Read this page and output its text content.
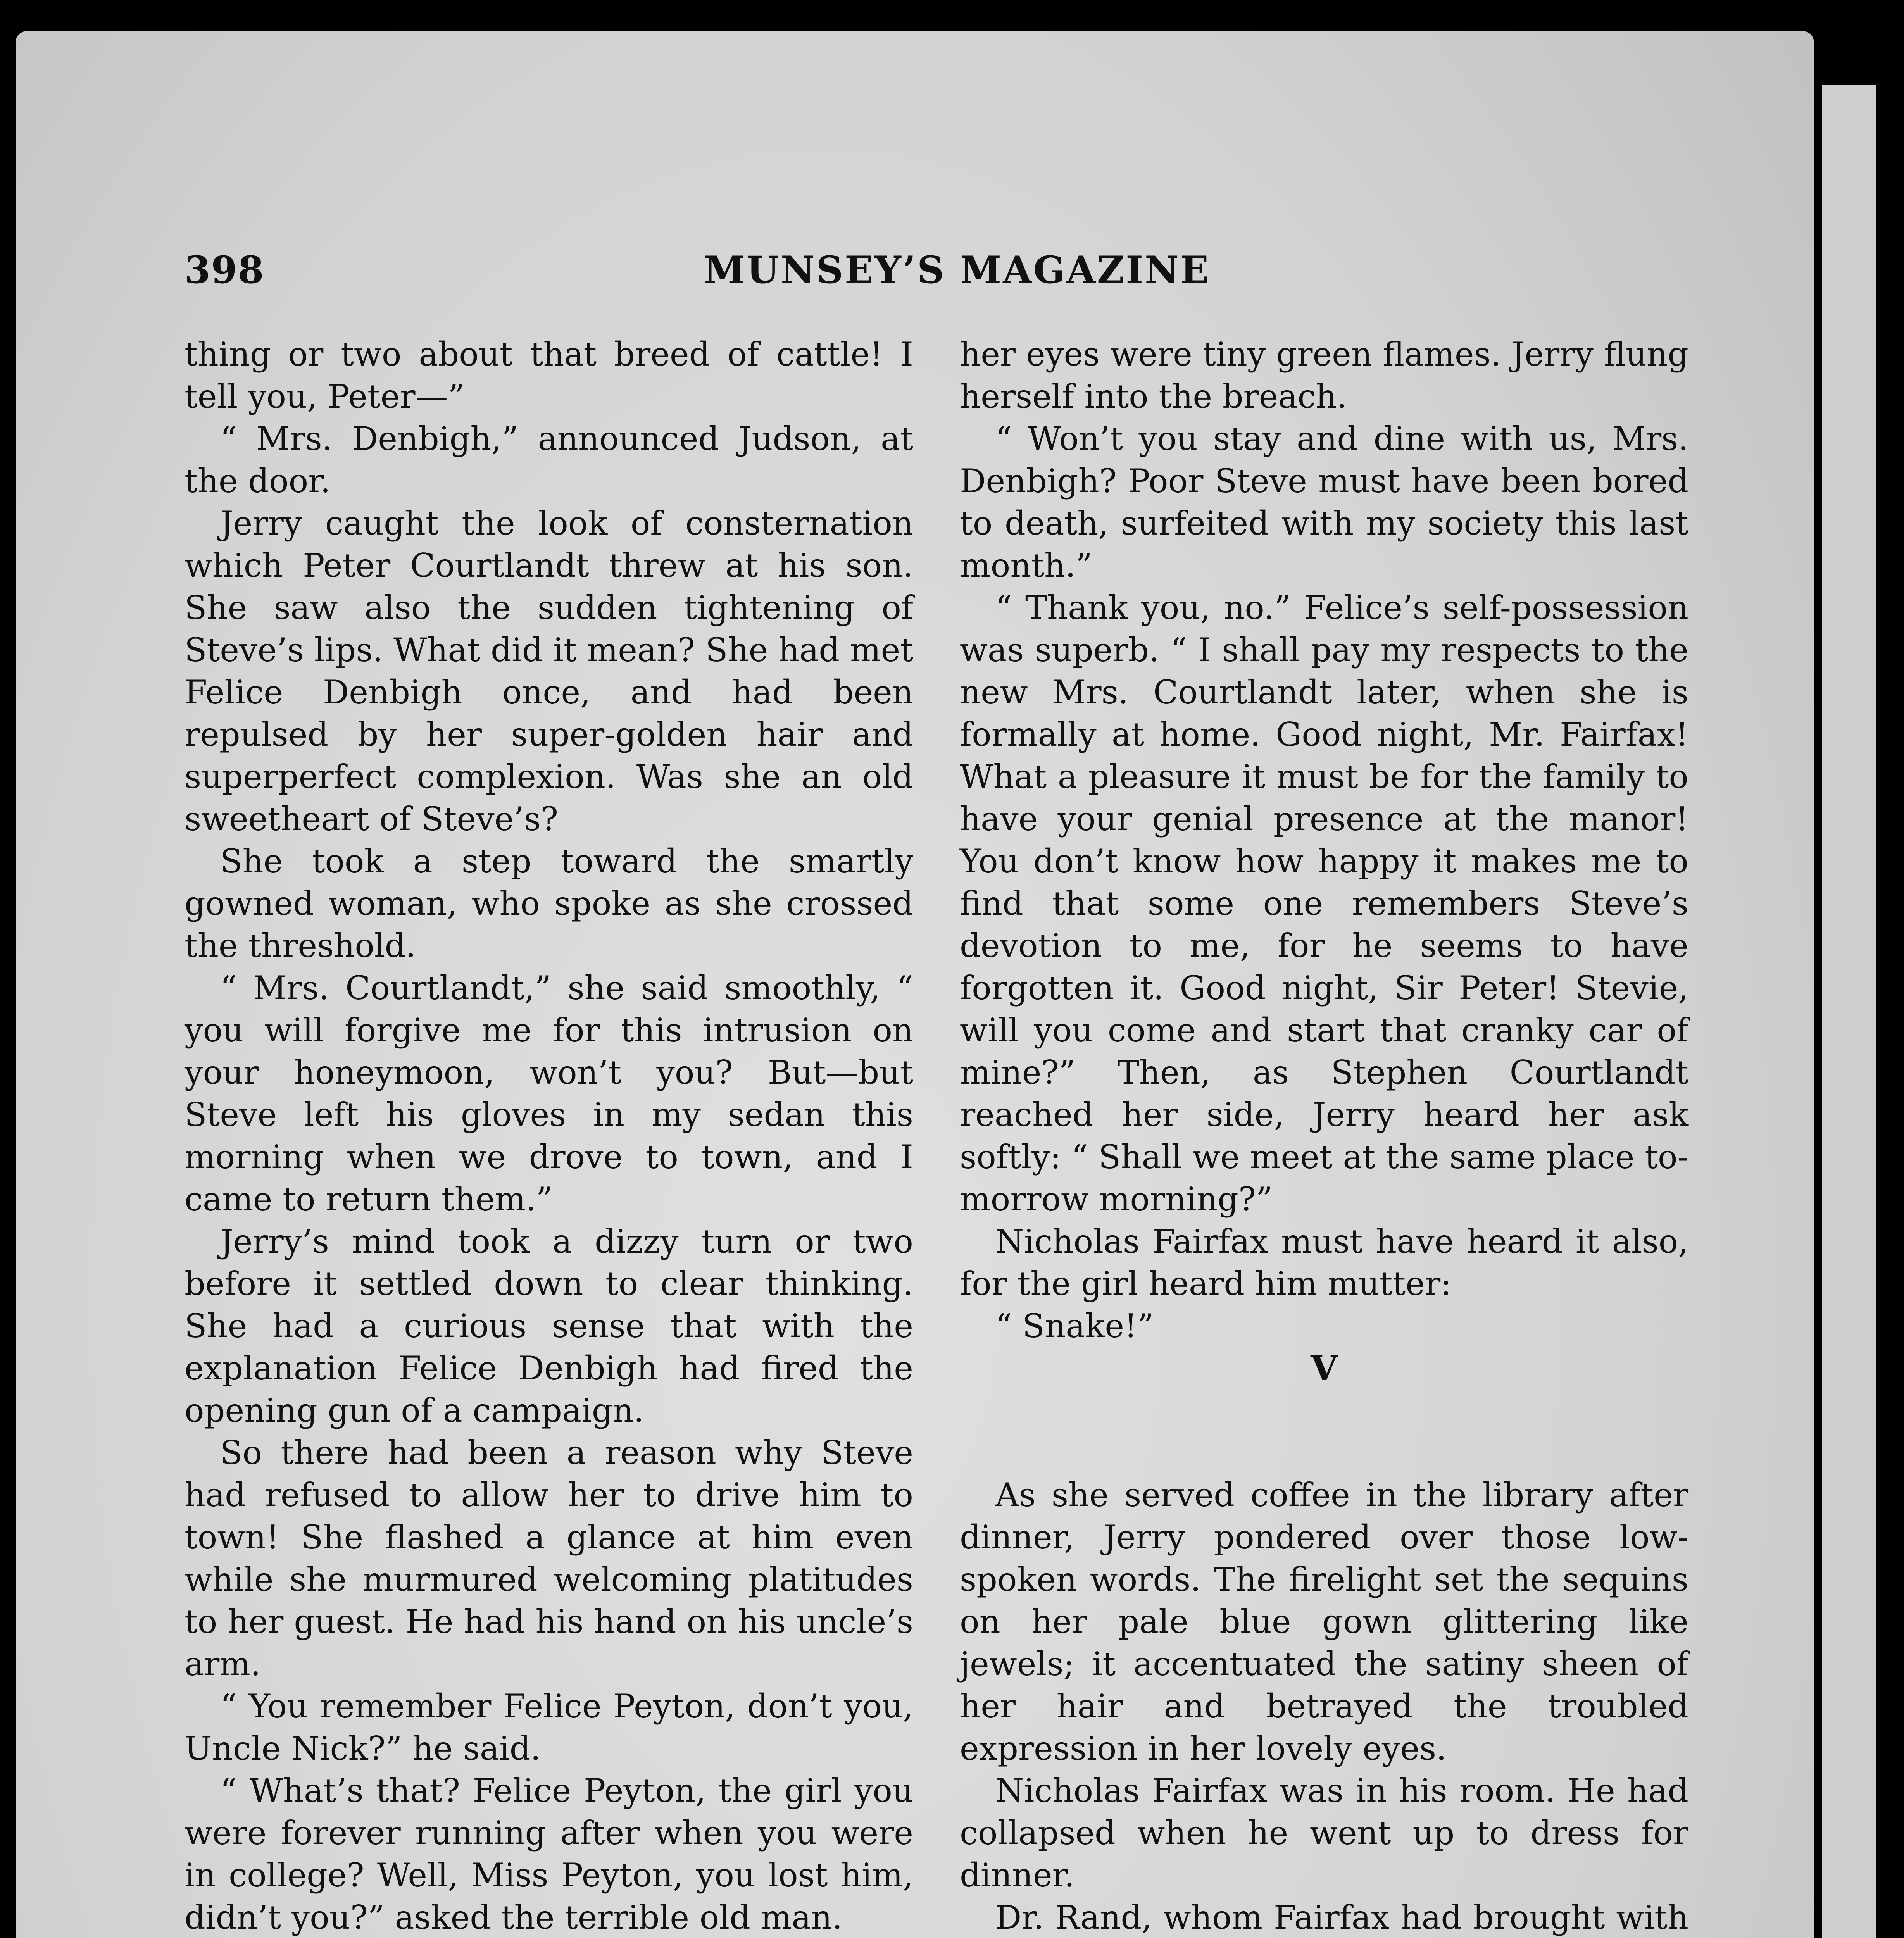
398	MUNSEY’S MAGAZINE

thing or two about that breed of cattle! I tell you, Peter—”

“ Mrs. Denbigh,” announced Judson, at the door.

Jerry caught the look of consternation which Peter Courtlandt threw at his son. She saw also the sudden tightening of Steve’s lips. What did it mean? She had met Felice Denbigh once, and had been repulsed by her super-golden hair and superperfect complexion. Was she an old sweetheart of Steve’s?

She took a step toward the smartly gowned woman, who spoke as she crossed the threshold.

“ Mrs. Courtlandt,” she said smoothly, “ you will forgive me for this intrusion on your honeymoon, won’t you? But—but Steve left his gloves in my sedan this morning when we drove to town, and I came to return them.”

Jerry’s mind took a dizzy turn or two before it settled down to clear thinking. She had a curious sense that with the explanation Felice Denbigh had fired the opening gun of a campaign.

So there had been a reason why Steve had refused to allow her to drive him to town! She flashed a glance at him even while she murmured welcoming platitudes to her guest. He had his hand on his uncle’s arm.

“ You remember Felice Peyton, don’t you, Uncle Nick?” he said.

“ What’s that? Felice Peyton, the girl you were forever running after when you were in college? Well, Miss Peyton, you lost him, didn’t you?” asked the terrible old man.

her eyes were tiny green flames. Jerry flung herself into the breach.

“ Won’t you stay and dine with us, Mrs. Denbigh? Poor Steve must have been bored to death, surfeited with my society this last month.”

“ Thank you, no.” Felice’s self-possession was superb. “ I shall pay my respects to the new Mrs. Courtlandt later, when she is formally at home. Good night, Mr. Fairfax! What a pleasure it must be for the family to have your genial presence at the manor! You don’t know how happy it makes me to find that some one remembers Steve’s devotion to me, for he seems to have forgotten it. Good night, Sir Peter! Stevie, will you come and start that cranky car of mine?” Then, as Stephen Courtlandt reached her side, Jerry heard her ask softly: “ Shall we meet at the same place to-morrow morning?”

Nicholas Fairfax must have heard it also, for the girl heard him mutter:

“ Snake!”

V

As she served coffee in the library after dinner, Jerry pondered over those low-spoken words. The firelight set the sequins on her pale blue gown glittering like jewels; it accentuated the satiny sheen of her hair and betrayed the troubled expression in her lovely eyes.

Nicholas Fairfax was in his room. He had collapsed when he went up to dress for dinner.

Dr. Rand, whom Fairfax had brought with
